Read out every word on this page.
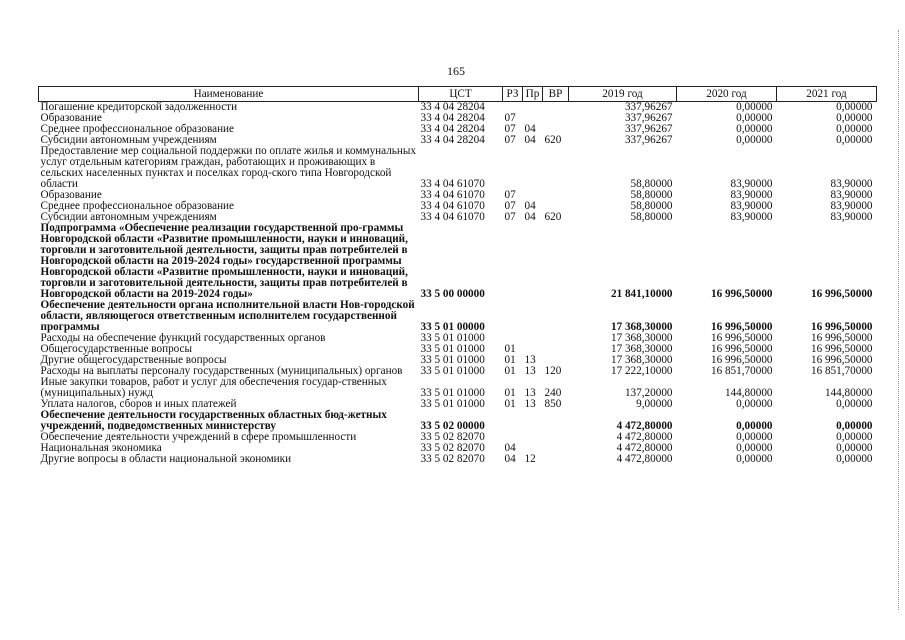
165
Наименование	ЦСТ	РЗ	Пр	ВР	2019 год	2020 год	2021 год
Погашение кредиторской задолженности	33 4 04 28204				337,96267	0,00000	0,00000
Образование	33 4 04 28204	07			337,96267	0,00000	0,00000
Среднее профессиональное образование	33 4 04 28204	07	04		337,96267	0,00000	0,00000
Субсидии автономным учреждениям	33 4 04 28204	07	04	620	337,96267	0,00000	0,00000
Предоставление мер социальной поддержки по оплате жилья и коммунальных услуг отдельным категориям граждан, работающих и проживающих в сельских населенных пунктах и поселках город-ского типа Новгородской области	33 4 04 61070				58,80000	83,90000	83,90000
Образование	33 4 04 61070	07			58,80000	83,90000	83,90000
Среднее профессиональное образование	33 4 04 61070	07	04		58,80000	83,90000	83,90000
Субсидии автономным учреждениям	33 4 04 61070	07	04	620	58,80000	83,90000	83,90000
Подпрограмма «Обеспечение реализации государственной про-граммы Новгородской области «Развитие промышленности, науки и инноваций, торговли и заготовительной деятельности, защиты прав потребителей в Новгородской области на 2019-2024 годы» государственной программы Новгородской области «Развитие промышленности, науки и инноваций, торговли и заготовительной деятельности, защиты прав потребителей в Новгородской области на 2019-2024 годы»	33 5 00 00000				21 841,10000	16 996,50000	16 996,50000
Обеспечение деятельности органа исполнительной власти Нов-городской области, являющегося ответственным исполнителем государственной программы	33 5 01 00000				17 368,30000	16 996,50000	16 996,50000
Расходы на обеспечение функций государственных органов	33 5 01 01000				17 368,30000	16 996,50000	16 996,50000
Общегосударственные вопросы	33 5 01 01000	01			17 368,30000	16 996,50000	16 996,50000
Другие общегосударственные вопросы	33 5 01 01000	01	13		17 368,30000	16 996,50000	16 996,50000
Расходы на выплаты персоналу государственных (муниципальных) органов	33 5 01 01000	01	13	120	17 222,10000	16 851,70000	16 851,70000
Иные закупки товаров, работ и услуг для обеспечения государ-ственных (муниципальных) нужд	33 5 01 01000	01	13	240	137,20000	144,80000	144,80000
Уплата налогов, сборов и иных платежей	33 5 01 01000	01	13	850	9,00000	0,00000	0,00000
Обеспечение деятельности государственных областных бюд-жетных учреждений, подведомственных министерству	33 5 02 00000				4 472,80000	0,00000	0,00000
Обеспечение деятельности учреждений в сфере промышленности	33 5 02 82070				4 472,80000	0,00000	0,00000
Национальная экономика	33 5 02 82070	04			4 472,80000	0,00000	0,00000
Другие вопросы в области национальной экономики	33 5 02 82070	04	12		4 472,80000	0,00000	0,00000
